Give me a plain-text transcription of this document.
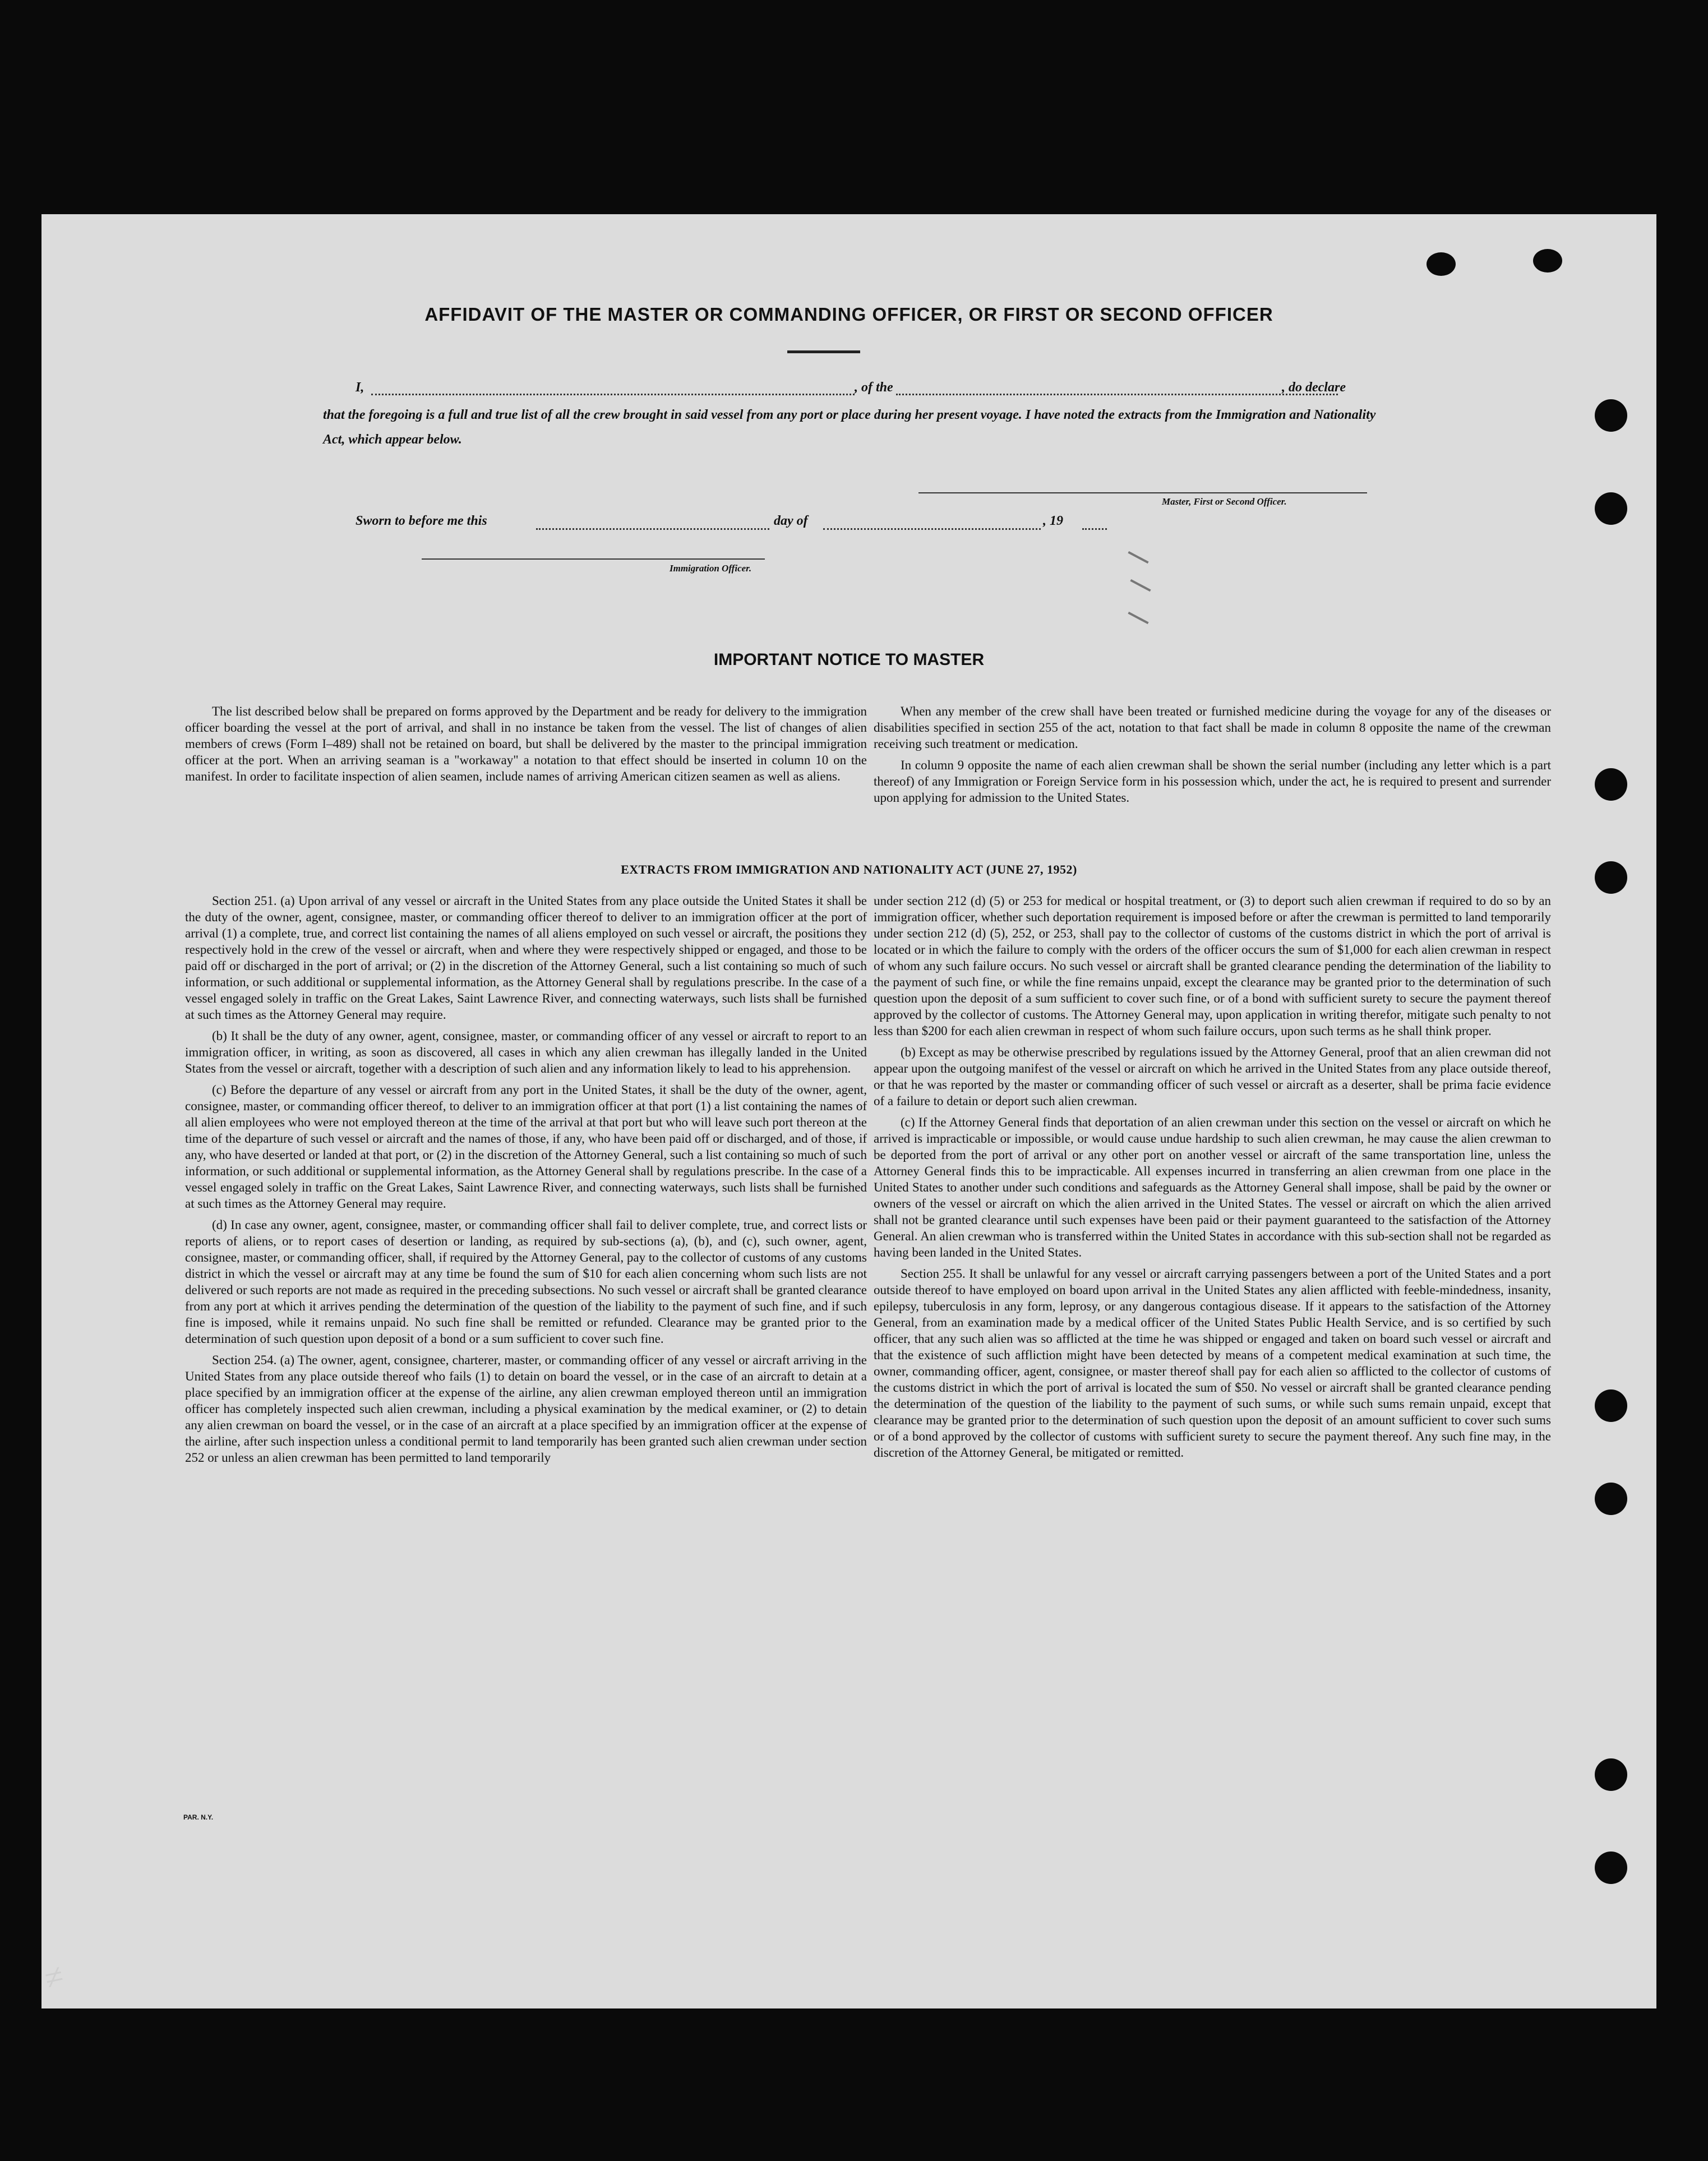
AFFIDAVIT OF THE MASTER OR COMMANDING OFFICER, OR FIRST OR SECOND OFFICER
I,	, of the	, do declare
that the foregoing is a full and true list of all the crew brought in said vessel from any port or place during her present voyage. I have noted the extracts from the Immigration and Nationality Act, which appear below.
Master, First or Second Officer.
Sworn to before me this	day of	, 19
Immigration Officer.
IMPORTANT NOTICE TO MASTER

The list described below shall be prepared on forms approved by the Department and be ready for delivery to the immigration officer boarding the vessel at the port of arrival, and shall in no instance be taken from the vessel. The list of changes of alien members of crews (Form I–489) shall not be retained on board, but shall be delivered by the master to the principal immigration officer at the port. When an arriving seaman is a "workaway" a notation to that effect should be inserted in column 10 on the manifest. In order to facilitate inspection of alien seamen, include names of arriving American citizen seamen as well as aliens.

When any member of the crew shall have been treated or furnished medicine during the voyage for any of the diseases or disabilities specified in section 255 of the act, notation to that fact shall be made in column 8 opposite the name of the crewman receiving such treatment or medication.

In column 9 opposite the name of each alien crewman shall be shown the serial number (including any letter which is a part thereof) of any Immigration or Foreign Service form in his possession which, under the act, he is required to present and surrender upon applying for admission to the United States.

EXTRACTS FROM IMMIGRATION AND NATIONALITY ACT (JUNE 27, 1952)

Section 251. (a) Upon arrival of any vessel or aircraft in the United States from any place outside the United States it shall be the duty of the owner, agent, consignee, master, or commanding officer thereof to deliver to an immigration officer at the port of arrival (1) a complete, true, and correct list containing the names of all aliens employed on such vessel or aircraft, the positions they respectively hold in the crew of the vessel or aircraft, when and where they were respectively shipped or engaged, and those to be paid off or discharged in the port of arrival; or (2) in the discretion of the Attorney General, such a list containing so much of such information, or such additional or supplemental information, as the Attorney General shall by regulations prescribe. In the case of a vessel engaged solely in traffic on the Great Lakes, Saint Lawrence River, and connecting waterways, such lists shall be furnished at such times as the Attorney General may require.

(b) It shall be the duty of any owner, agent, consignee, master, or commanding officer of any vessel or aircraft to report to an immigration officer, in writing, as soon as discovered, all cases in which any alien crewman has illegally landed in the United States from the vessel or aircraft, together with a description of such alien and any information likely to lead to his apprehension.

(c) Before the departure of any vessel or aircraft from any port in the United States, it shall be the duty of the owner, agent, consignee, master, or commanding officer thereof, to deliver to an immigration officer at that port (1) a list containing the names of all alien employees who were not employed thereon at the time of the arrival at that port but who will leave such port thereon at the time of the departure of such vessel or aircraft and the names of those, if any, who have been paid off or discharged, and of those, if any, who have deserted or landed at that port, or (2) in the discretion of the Attorney General, such a list containing so much of such information, or such additional or supplemental information, as the Attorney General shall by regulations prescribe. In the case of a vessel engaged solely in traffic on the Great Lakes, Saint Lawrence River, and connecting waterways, such lists shall be furnished at such times as the Attorney General may require.

(d) In case any owner, agent, consignee, master, or commanding officer shall fail to deliver complete, true, and correct lists or reports of aliens, or to report cases of desertion or landing, as required by sub-sections (a), (b), and (c), such owner, agent, consignee, master, or commanding officer, shall, if required by the Attorney General, pay to the collector of customs of any customs district in which the vessel or aircraft may at any time be found the sum of $10 for each alien concerning whom such lists are not delivered or such reports are not made as required in the preceding subsections. No such vessel or aircraft shall be granted clearance from any port at which it arrives pending the determination of the question of the liability to the payment of such fine, and if such fine is imposed, while it remains unpaid. No such fine shall be remitted or refunded. Clearance may be granted prior to the determination of such question upon deposit of a bond or a sum sufficient to cover such fine.

Section 254. (a) The owner, agent, consignee, charterer, master, or commanding officer of any vessel or aircraft arriving in the United States from any place outside thereof who fails (1) to detain on board the vessel, or in the case of an aircraft to detain at a place specified by an immigration officer at the expense of the airline, any alien crewman employed thereon until an immigration officer has completely inspected such alien crewman, including a physical examination by the medical examiner, or (2) to detain any alien crewman on board the vessel, or in the case of an aircraft at a place specified by an immigration officer at the expense of the airline, after such inspection unless a conditional permit to land temporarily has been granted such alien crewman under section 252 or unless an alien crewman has been permitted to land temporarily

under section 212 (d) (5) or 253 for medical or hospital treatment, or (3) to deport such alien crewman if required to do so by an immigration officer, whether such deportation requirement is imposed before or after the crewman is permitted to land temporarily under section 212 (d) (5), 252, or 253, shall pay to the collector of customs of the customs district in which the port of arrival is located or in which the failure to comply with the orders of the officer occurs the sum of $1,000 for each alien crewman in respect of whom any such failure occurs. No such vessel or aircraft shall be granted clearance pending the determination of the liability to the payment of such fine, or while the fine remains unpaid, except the clearance may be granted prior to the determination of such question upon the deposit of a sum sufficient to cover such fine, or of a bond with sufficient surety to secure the payment thereof approved by the collector of customs. The Attorney General may, upon application in writing therefor, mitigate such penalty to not less than $200 for each alien crewman in respect of whom such failure occurs, upon such terms as he shall think proper.

(b) Except as may be otherwise prescribed by regulations issued by the Attorney General, proof that an alien crewman did not appear upon the outgoing manifest of the vessel or aircraft on which he arrived in the United States from any place outside thereof, or that he was reported by the master or commanding officer of such vessel or aircraft as a deserter, shall be prima facie evidence of a failure to detain or deport such alien crewman.

(c) If the Attorney General finds that deportation of an alien crewman under this section on the vessel or aircraft on which he arrived is impracticable or impossible, or would cause undue hardship to such alien crewman, he may cause the alien crewman to be deported from the port of arrival or any other port on another vessel or aircraft of the same transportation line, unless the Attorney General finds this to be impracticable. All expenses incurred in transferring an alien crewman from one place in the United States to another under such conditions and safeguards as the Attorney General shall impose, shall be paid by the owner or owners of the vessel or aircraft on which the alien arrived in the United States. The vessel or aircraft on which the alien arrived shall not be granted clearance until such expenses have been paid or their payment guaranteed to the satisfaction of the Attorney General. An alien crewman who is transferred within the United States in accordance with this sub-section shall not be regarded as having been landed in the United States.

Section 255. It shall be unlawful for any vessel or aircraft carrying passengers between a port of the United States and a port outside thereof to have employed on board upon arrival in the United States any alien afflicted with feeble-mindedness, insanity, epilepsy, tuberculosis in any form, leprosy, or any dangerous contagious disease. If it appears to the satisfaction of the Attorney General, from an examination made by a medical officer of the United States Public Health Service, and is so certified by such officer, that any such alien was so afflicted at the time he was shipped or engaged and taken on board such vessel or aircraft and that the existence of such affliction might have been detected by means of a competent medical examination at such time, the owner, commanding officer, agent, consignee, or master thereof shall pay for each alien so afflicted to the collector of customs of the customs district in which the port of arrival is located the sum of $50. No vessel or aircraft shall be granted clearance pending the determination of the question of the liability to the payment of such sums, or while such sums remain unpaid, except that clearance may be granted prior to the determination of such question upon the deposit of an amount sufficient to cover such sums or of a bond approved by the collector of customs with sufficient surety to secure the payment thereof. Any such fine may, in the discretion of the Attorney General, be mitigated or remitted.

PAR. N.Y.
≠
